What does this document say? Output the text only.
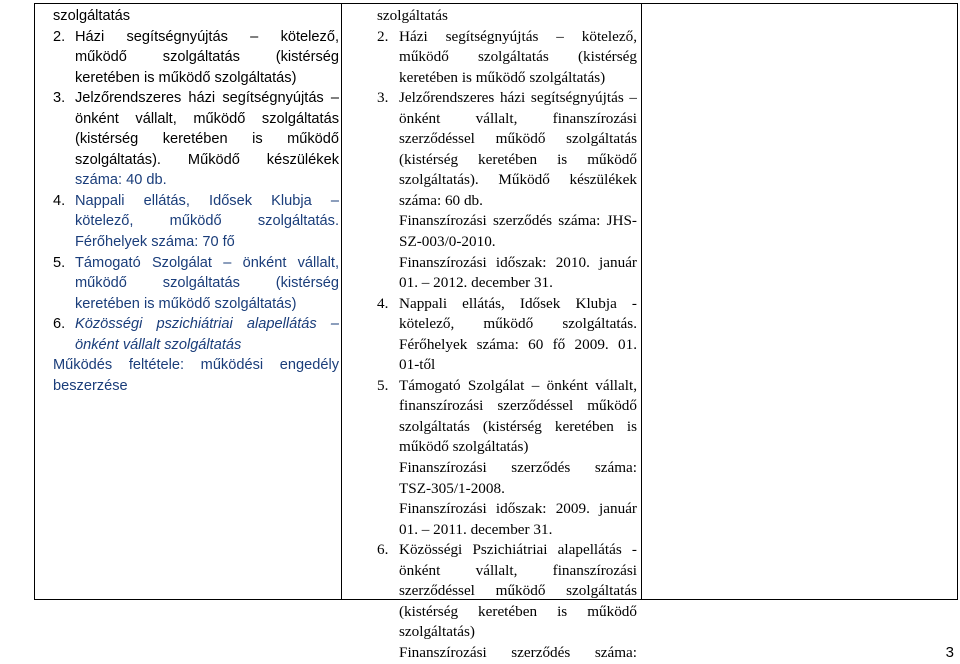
szolgáltatás
2. Házi segítségnyújtás – kötelező,
működő szolgáltatás (kistérség
keretében is működő szolgáltatás)
3. Jelzőrendszeres házi segítségnyújtás –
önként vállalt, működő szolgáltatás
(kistérség keretében is működő
szolgáltatás). Működő készülékek
száma: 40 db.
4. Nappali ellátás, Idősek Klubja –
kötelező, működő szolgáltatás.
Férőhelyek száma: 70 fő
5. Támogató Szolgálat – önként vállalt,
működő szolgáltatás (kistérség
keretében is működő szolgáltatás)
6. Közösségi pszichiátriai alapellátás –
önként vállalt szolgáltatás
Működés feltétele: működési engedély
beszerzése
szolgáltatás
2. Házi segítségnyújtás – kötelező,
működő szolgáltatás (kistérség
keretében is működő szolgáltatás)
3. Jelzőrendszeres házi segítségnyújtás –
önként vállalt, finanszírozási
szerződéssel működő szolgáltatás
(kistérség keretében is működő
szolgáltatás). Működő készülékek
száma: 60 db.
Finanszírozási szerződés száma: JHS-
SZ-003/0-2010.
Finanszírozási időszak: 2010. január
01. – 2012. december 31.
4. Nappali ellátás, Idősek Klubja -
kötelező, működő szolgáltatás.
Férőhelyek száma: 60 fő 2009. 01.
01-től
5. Támogató Szolgálat – önként vállalt,
finanszírozási szerződéssel működő
szolgáltatás (kistérség keretében is
működő szolgáltatás)
Finanszírozási szerződés száma:
TSZ-305/1-2008.
Finanszírozási időszak: 2009. január
01. – 2011. december 31.
6. Közösségi Pszichiátriai alapellátás -
önként vállalt, finanszírozási
szerződéssel működő szolgáltatás
(kistérség keretében is működő
szolgáltatás)
Finanszírozási szerződés száma:	3
